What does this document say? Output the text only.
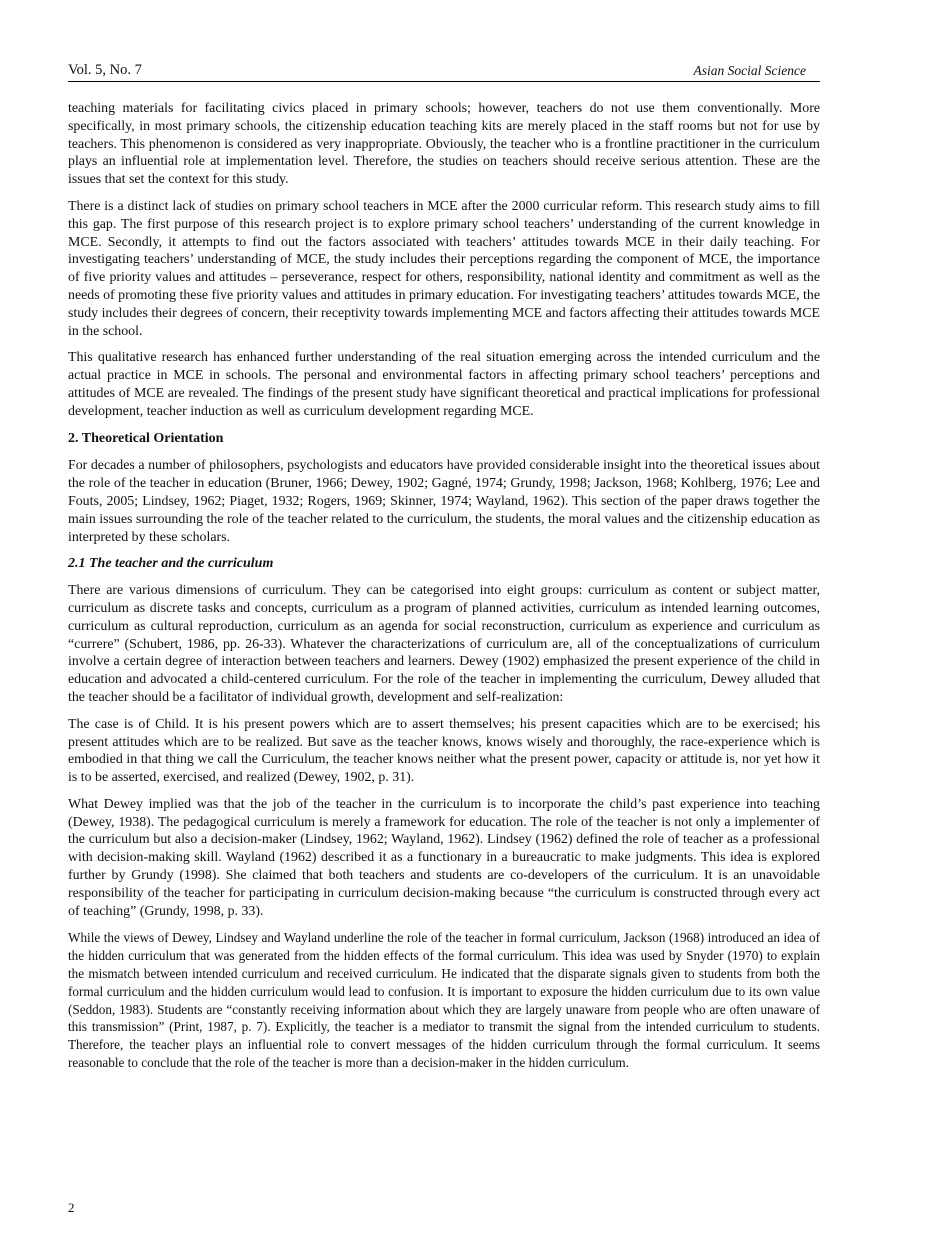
Vol. 5, No. 7	Asian Social Science

teaching materials for facilitating civics placed in primary schools; however, teachers do not use them conventionally. More specifically, in most primary schools, the citizenship education teaching kits are merely placed in the staff rooms but not for use by teachers. This phenomenon is considered as very inappropriate. Obviously, the teacher who is a frontline practitioner in the curriculum plays an influential role at implementation level. Therefore, the studies on teachers should receive serious attention. These are the issues that set the context for this study.

There is a distinct lack of studies on primary school teachers in MCE after the 2000 curricular reform. This research study aims to fill this gap. The first purpose of this research project is to explore primary school teachers’ understanding of the current knowledge in MCE. Secondly, it attempts to find out the factors associated with teachers’ attitudes towards MCE in their daily teaching. For investigating teachers’ understanding of MCE, the study includes their perceptions regarding the component of MCE, the importance of five priority values and attitudes – perseverance, respect for others, responsibility, national identity and commitment as well as the needs of promoting these five priority values and attitudes in primary education. For investigating teachers’ attitudes towards MCE, the study includes their degrees of concern, their receptivity towards implementing MCE and factors affecting their attitudes towards MCE in the school.

This qualitative research has enhanced further understanding of the real situation emerging across the intended curriculum and the actual practice in MCE in schools. The personal and environmental factors in affecting primary school teachers’ perceptions and attitudes of MCE are revealed. The findings of the present study have significant theoretical and practical implications for professional development, teacher induction as well as curriculum development regarding MCE.

2. Theoretical Orientation

For decades a number of philosophers, psychologists and educators have provided considerable insight into the theoretical issues about the role of the teacher in education (Bruner, 1966; Dewey, 1902; Gagné, 1974; Grundy, 1998; Jackson, 1968; Kohlberg, 1976; Lee and Fouts, 2005; Lindsey, 1962; Piaget, 1932; Rogers, 1969; Skinner, 1974; Wayland, 1962). This section of the paper draws together the main issues surrounding the role of the teacher related to the curriculum, the students, the moral values and the citizenship education as interpreted by these scholars.

2.1 The teacher and the curriculum

There are various dimensions of curriculum. They can be categorised into eight groups: curriculum as content or subject matter, curriculum as discrete tasks and concepts, curriculum as a program of planned activities, curriculum as intended learning outcomes, curriculum as cultural reproduction, curriculum as an agenda for social reconstruction, curriculum as experience and curriculum as “currere” (Schubert, 1986, pp. 26-33). Whatever the characterizations of curriculum are, all of the conceptualizations of curriculum involve a certain degree of interaction between teachers and learners. Dewey (1902) emphasized the present experience of the child in education and advocated a child-centered curriculum. For the role of the teacher in implementing the curriculum, Dewey alluded that the teacher should be a facilitator of individual growth, development and self-realization:

The case is of Child. It is his present powers which are to assert themselves; his present capacities which are to be exercised; his present attitudes which are to be realized. But save as the teacher knows, knows wisely and thoroughly, the race-experience which is embodied in that thing we call the Curriculum, the teacher knows neither what the present power, capacity or attitude is, nor yet how it is to be asserted, exercised, and realized (Dewey, 1902, p. 31).

What Dewey implied was that the job of the teacher in the curriculum is to incorporate the child’s past experience into teaching (Dewey, 1938). The pedagogical curriculum is merely a framework for education. The role of the teacher is not only a implementer of the curriculum but also a decision-maker (Lindsey, 1962; Wayland, 1962). Lindsey (1962) defined the role of teacher as a professional with decision-making skill. Wayland (1962) described it as a functionary in a bureaucratic to make judgments. This idea is explored further by Grundy (1998). She claimed that both teachers and students are co-developers of the curriculum. It is an unavoidable responsibility of the teacher for participating in curriculum decision-making because “the curriculum is constructed through every act of teaching” (Grundy, 1998, p. 33).

While the views of Dewey, Lindsey and Wayland underline the role of the teacher in formal curriculum, Jackson (1968) introduced an idea of the hidden curriculum that was generated from the hidden effects of the formal curriculum. This idea was used by Snyder (1970) to explain the mismatch between intended curriculum and received curriculum. He indicated that the disparate signals given to students from both the formal curriculum and the hidden curriculum would lead to confusion. It is important to exposure the hidden curriculum due to its own value (Seddon, 1983). Students are “constantly receiving information about which they are largely unaware from people who are often unaware of this transmission” (Print, 1987, p. 7). Explicitly, the teacher is a mediator to transmit the signal from the intended curriculum to students. Therefore, the teacher plays an influential role to convert messages of the hidden curriculum through the formal curriculum. It seems reasonable to conclude that the role of the teacher is more than a decision-maker in the hidden curriculum.

2
